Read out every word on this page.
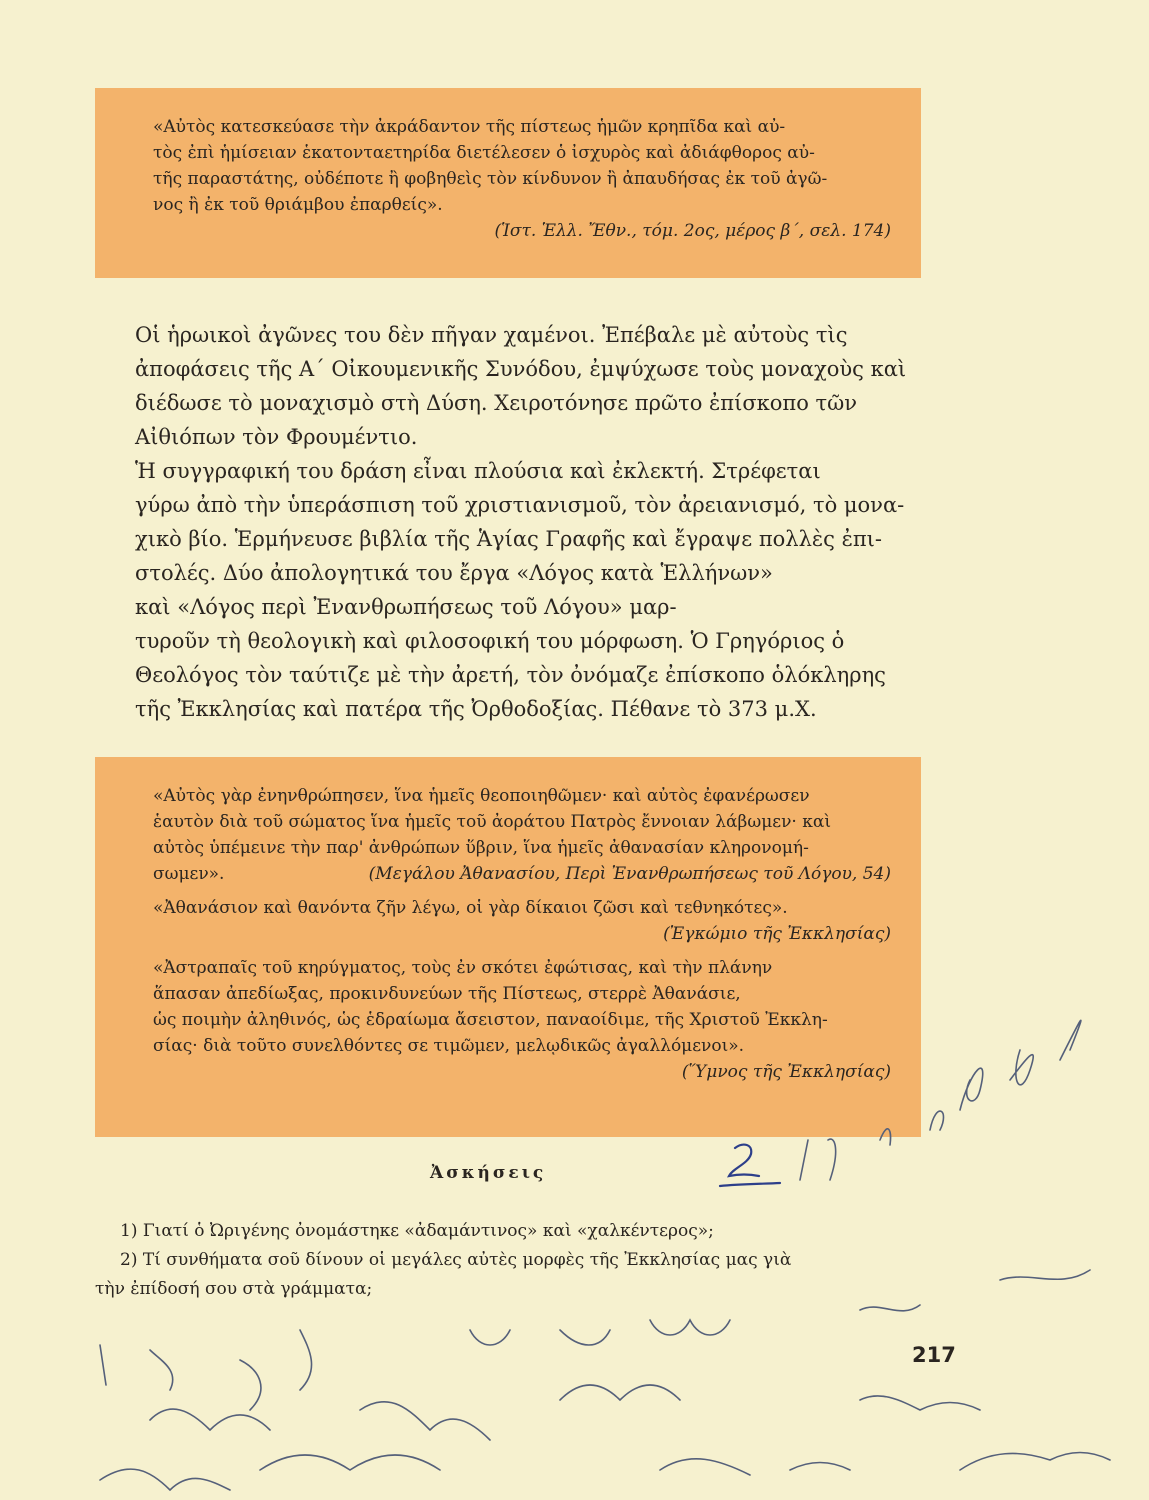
«Αὐτὸς κατεσκεύασε τὴν ἀκράδαντον τῆς πίστεως ἡμῶν κρηπῖδα καὶ αὐ-

τὸς ἐπὶ ἡμίσειαν ἑκατονταετηρίδα διετέλεσεν ὁ ἰσχυρὸς καὶ ἀδιάφθορος αὐ-

τῆς παραστάτης, οὐδέποτε ἢ φοβηθεὶς τὸν κίνδυνον ἢ ἀπαυδήσας ἐκ τοῦ ἀγῶ-

νος ἢ ἐκ τοῦ θριάμβου ἐπαρθείς».

(Ἱστ. Ἑλλ. Ἔθν., τόμ. 2ος, μέρος β΄, σελ. 174)

Οἱ ἡρωικοὶ ἀγῶνες του δὲν πῆγαν χαμένοι. Ἐπέβαλε μὲ αὐτοὺς τὶς

ἀποφάσεις τῆς Α΄ Οἰκουμενικῆς Συνόδου, ἐμψύχωσε τοὺς μοναχοὺς καὶ

διέδωσε τὸ μοναχισμὸ στὴ Δύση. Χειροτόνησε πρῶτο ἐπίσκοπο τῶν

Αἰθιόπων τὸν Φρουμέντιο.

Ἡ συγγραφική του δράση εἶναι πλούσια καὶ ἐκλεκτή. Στρέφεται

γύρω ἀπὸ τὴν ὑπεράσπιση τοῦ χριστιανισμοῦ, τὸν ἀρειανισμό, τὸ μονα-

χικὸ βίο. Ἑρμήνευσε βιβλία τῆς Ἁγίας Γραφῆς καὶ ἔγραψε πολλὲς ἐπι-

στολές. Δύο ἀπολογητικά του ἔργα «Λόγος κατὰ Ἑλλήνων»

καὶ «Λόγος περὶ Ἐνανθρωπήσεως τοῦ Λόγου» μαρ-

τυροῦν τὴ θεολογικὴ καὶ φιλοσοφική του μόρφωση. Ὁ Γρηγόριος ὁ

Θεολόγος τὸν ταύτιζε μὲ τὴν ἀρετή, τὸν ὀνόμαζε ἐπίσκοπο ὁλόκληρης

τῆς Ἐκκλησίας καὶ πατέρα τῆς Ὀρθοδοξίας. Πέθανε τὸ 373 μ.Χ.

«Αὐτὸς γὰρ ἐνηνθρώπησεν, ἵνα ἡμεῖς θεοποιηθῶμεν· καὶ αὐτὸς ἐφανέρωσεν

ἑαυτὸν διὰ τοῦ σώματος ἵνα ἡμεῖς τοῦ ἀοράτου Πατρὸς ἔννοιαν λάβωμεν· καὶ

αὐτὸς ὑπέμεινε τὴν παρ' ἀνθρώπων ὕβριν, ἵνα ἡμεῖς ἀθανασίαν κληρονομή-

σωμεν».	(Μεγάλου Ἀθανασίου, Περὶ Ἐνανθρωπήσεως τοῦ Λόγου, 54)

«Ἀθανάσιον καὶ θανόντα ζῆν λέγω, οἱ γὰρ δίκαιοι ζῶσι καὶ τεθνηκότες».

(Ἐγκώμιο τῆς Ἐκκλησίας)

«Ἀστραπαῖς τοῦ κηρύγματος, τοὺς ἐν σκότει ἐφώτισας, καὶ τὴν πλάνην

ἅπασαν ἀπεδίωξας, προκινδυνεύων τῆς Πίστεως, στερρὲ Ἀθανάσιε,

ὡς ποιμὴν ἀληθινός, ὡς ἑδραίωμα ἄσειστον, παναοίδιμε, τῆς Χριστοῦ Ἐκκλη-

σίας· διὰ τοῦτο συνελθόντες σε τιμῶμεν, μελῳδικῶς ἀγαλλόμενοι».

(Ὕμνος τῆς Ἐκκλησίας)

Ἀσκήσεις

1) Γιατί ὁ Ὠριγένης ὀνομάστηκε «ἀδαμάντινος» καὶ «χαλκέντερος»;

2) Τί συνθήματα σοῦ δίνουν οἱ μεγάλες αὐτὲς μορφὲς τῆς Ἐκκλησίας μας γιὰ

τὴν ἐπίδοσή σου στὰ γράμματα;

217
